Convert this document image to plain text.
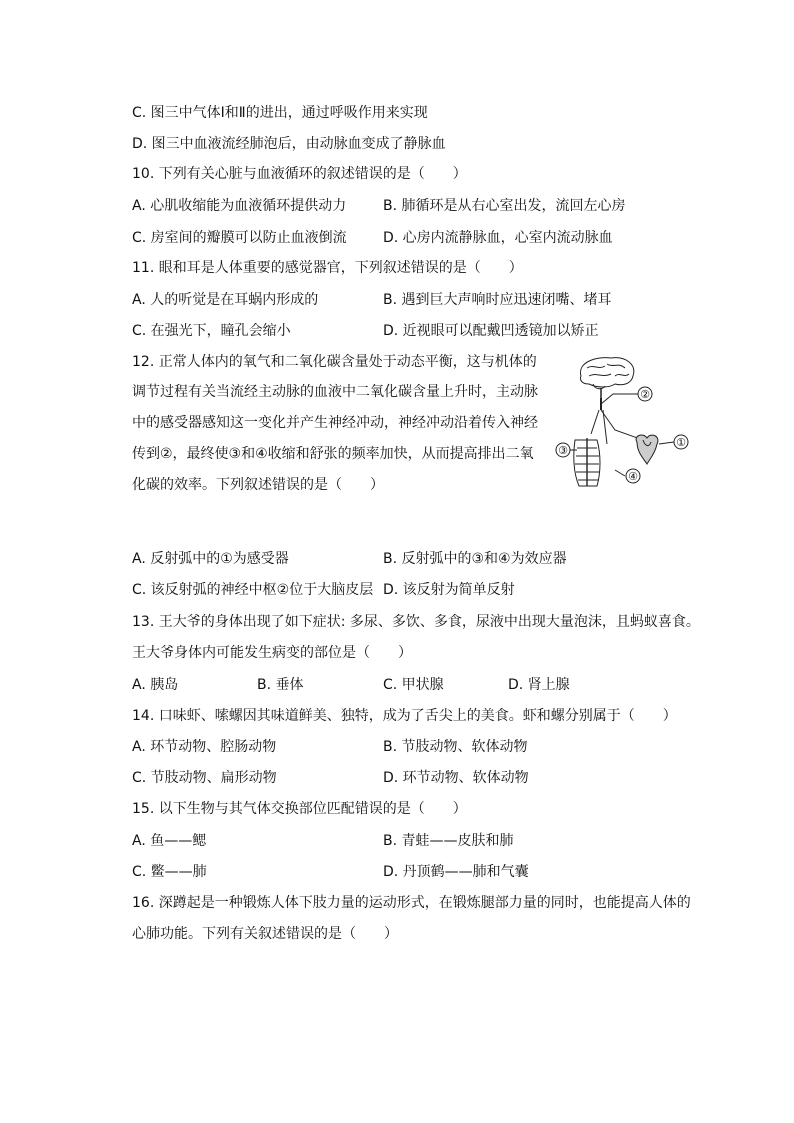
C. 图三中气体Ⅰ和Ⅱ的进出，通过呼吸作用来实现
D. 图三中血液流经肺泡后，由动脉血变成了静脉血
10. 下列有关心脏与血液循环的叙述错误的是（　　）
A. 心肌收缩能为血液循环提供动力	B. 肺循环是从右心室出发，流回左心房
C. 房室间的瓣膜可以防止血液倒流	D. 心房内流静脉血，心室内流动脉血
11. 眼和耳是人体重要的感觉器官，下列叙述错误的是（　　）
A. 人的听觉是在耳蜗内形成的	B. 遇到巨大声响时应迅速闭嘴、堵耳
C. 在强光下，瞳孔会缩小	D. 近视眼可以配戴凹透镜加以矫正
12. 正常人体内的氧气和二氧化碳含量处于动态平衡，这与机体的
调节过程有关当流经主动脉的血液中二氧化碳含量上升时，主动脉
中的感受器感知这一变化并产生神经冲动，神经冲动沿着传入神经
传到②，最终使③和④收缩和舒张的频率加快，从而提高排出二氧
化碳的效率。下列叙述错误的是（　　）
②
①
③
④
A. 反射弧中的①为感受器	B. 反射弧中的③和④为效应器
C. 该反射弧的神经中枢②位于大脑皮层 D. 该反射为简单反射
13. 王大爷的身体出现了如下症状: 多尿、多饮、多食，尿液中出现大量泡沫，且蚂蚁喜食。
王大爷身体内可能发生病变的部位是（　　）
A. 胰岛	B. 垂体	C. 甲状腺	D. 肾上腺
14. 口味虾、嗦螺因其味道鲜美、独特，成为了舌尖上的美食。虾和螺分别属于（　　）
A. 环节动物、腔肠动物	B. 节肢动物、软体动物
C. 节肢动物、扁形动物	D. 环节动物、软体动物
15. 以下生物与其气体交换部位匹配错误的是（　　）
A. 鱼——鳃	B. 青蛙——皮肤和肺
C. 鳖——肺	D. 丹顶鹤——肺和气囊
16. 深蹲起是一种锻炼人体下肢力量的运动形式，在锻炼腿部力量的同时，也能提高人体的
心肺功能。下列有关叙述错误的是（　　）
